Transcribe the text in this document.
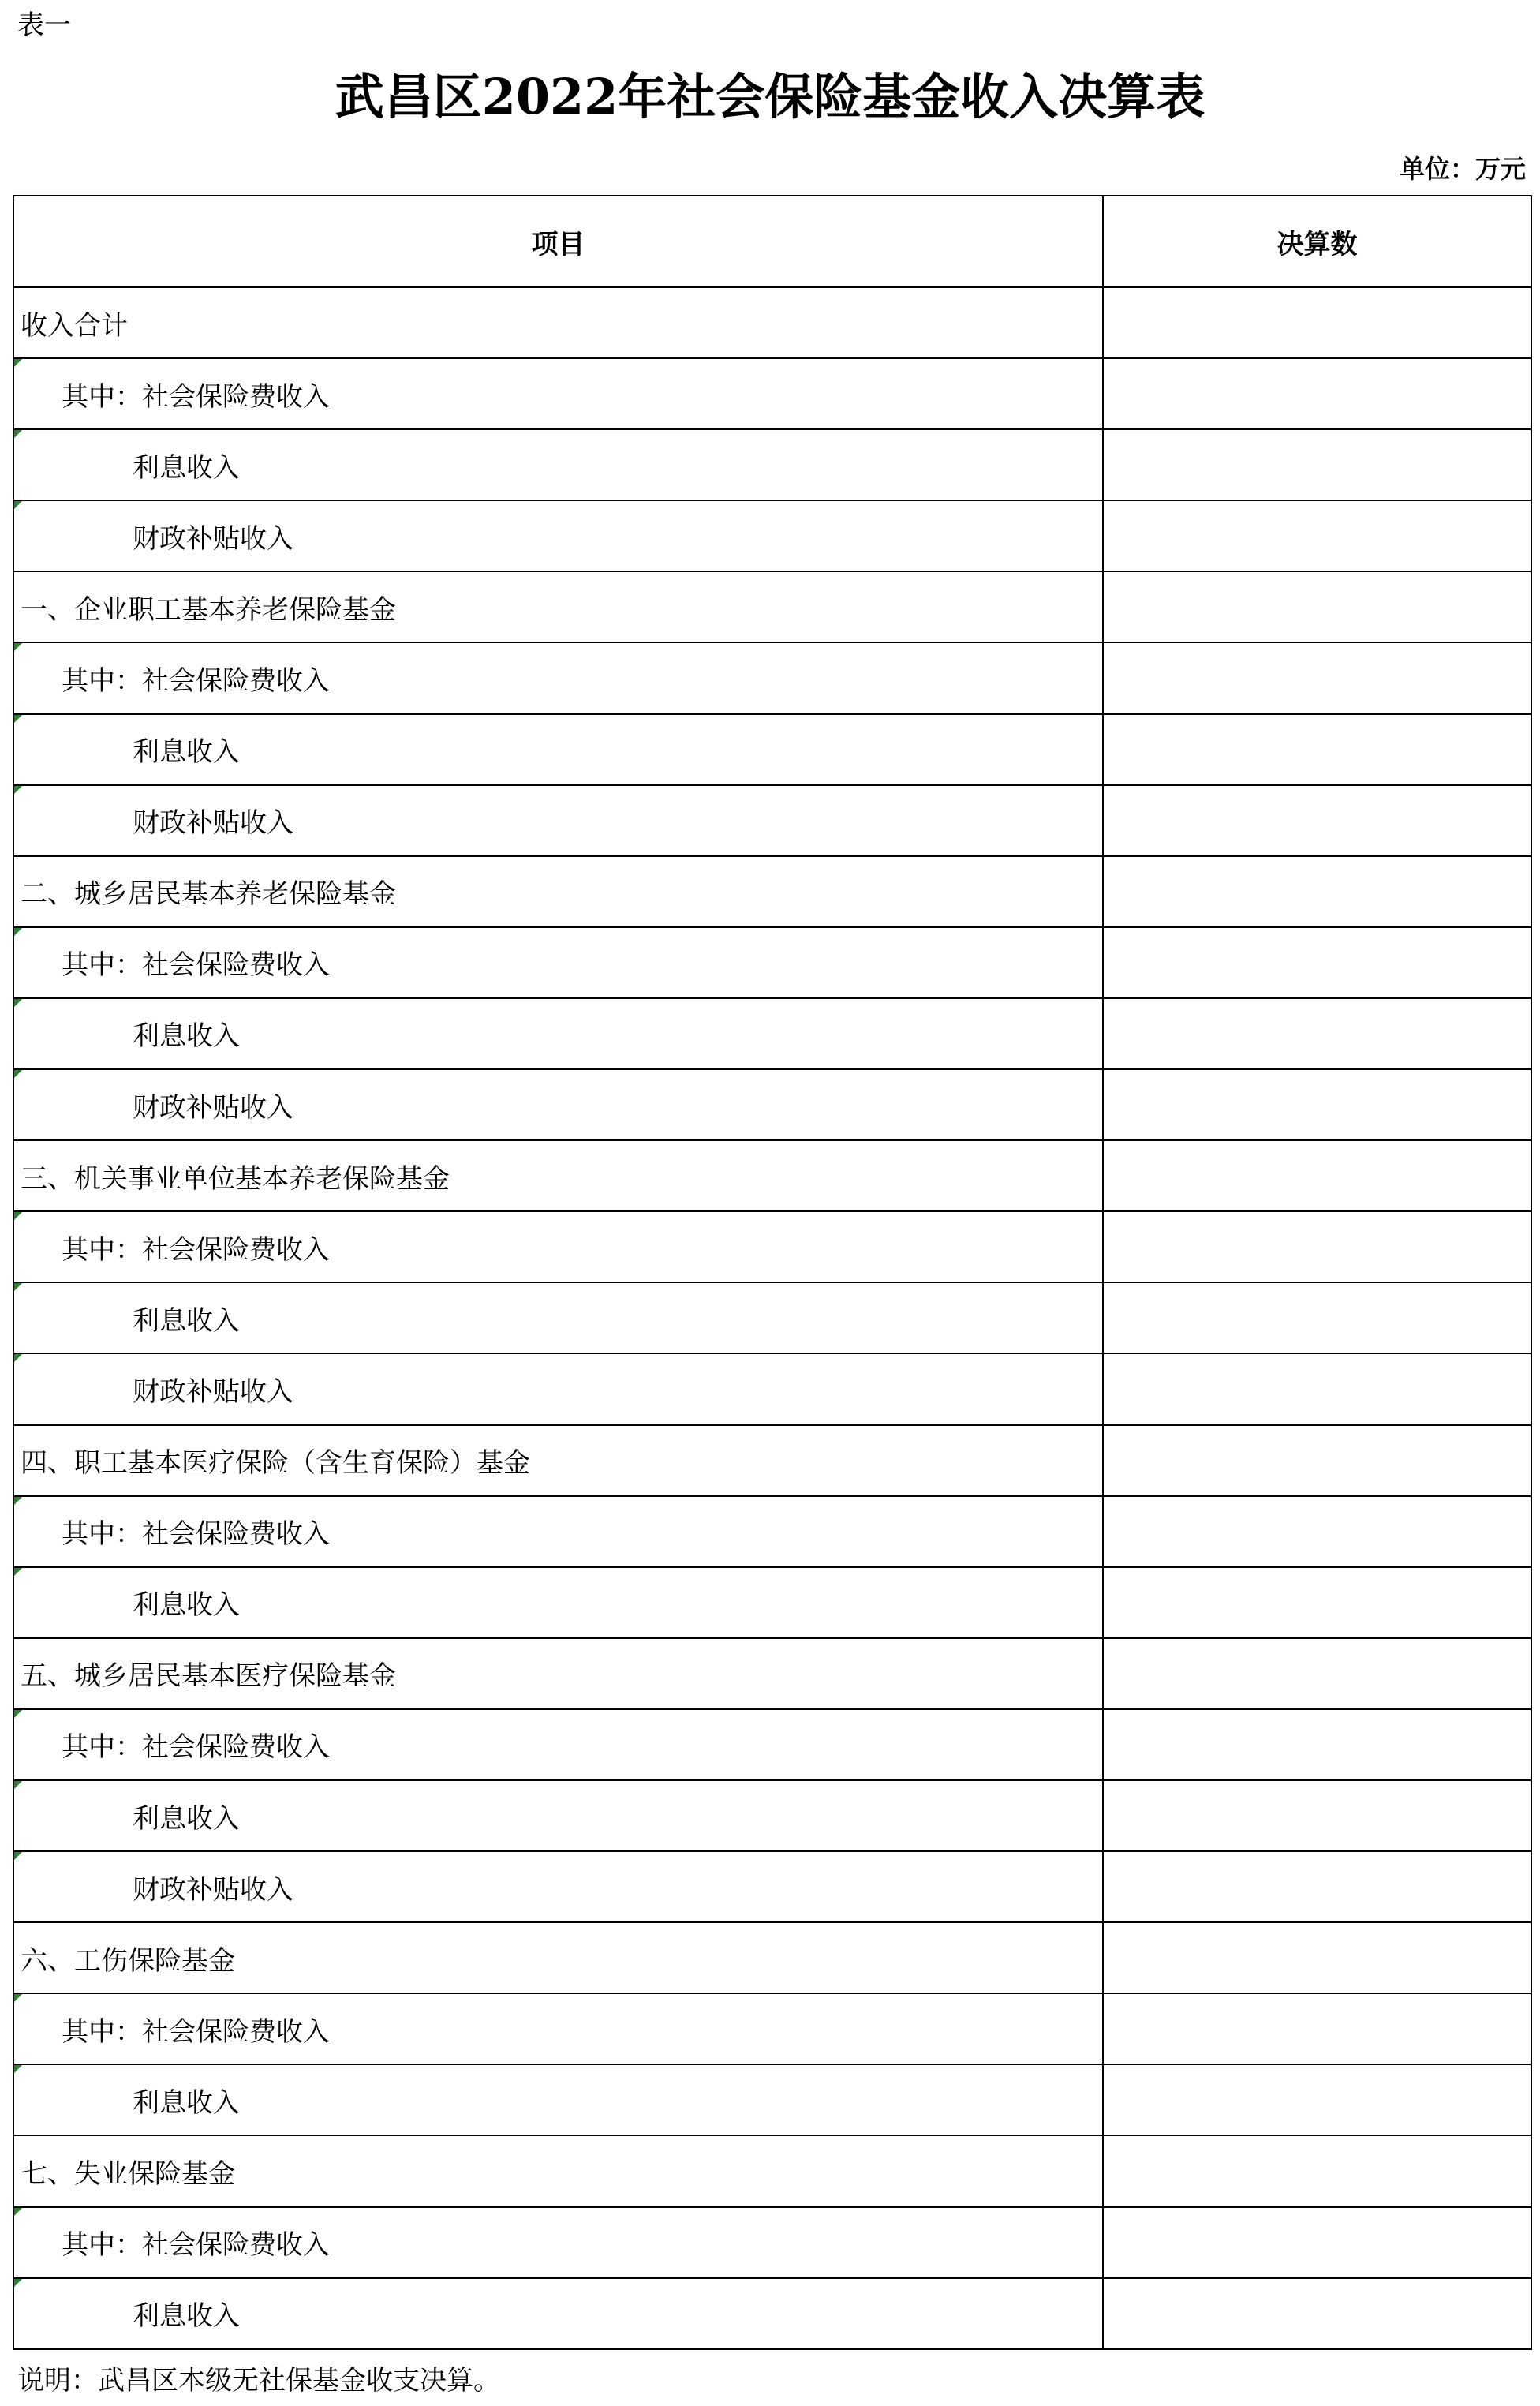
表一
武昌区2022年社会保险基金收入决算表
单位：万元
项目	决算数
收入合计	

其中：社会保险费收入	

利息收入	

财政补贴收入	
一、企业职工基本养老保险基金	

其中：社会保险费收入	

利息收入	

财政补贴收入	
二、城乡居民基本养老保险基金	

其中：社会保险费收入	

利息收入	

财政补贴收入	
三、机关事业单位基本养老保险基金	

其中：社会保险费收入	

利息收入	

财政补贴收入	
四、职工基本医疗保险（含生育保险）基金	

其中：社会保险费收入	

利息收入	
五、城乡居民基本医疗保险基金	

其中：社会保险费收入	

利息收入	

财政补贴收入	
六、工伤保险基金	

其中：社会保险费收入	

利息收入	
七、失业保险基金	

其中：社会保险费收入	

利息收入	
说明：武昌区本级无社保基金收支决算。
